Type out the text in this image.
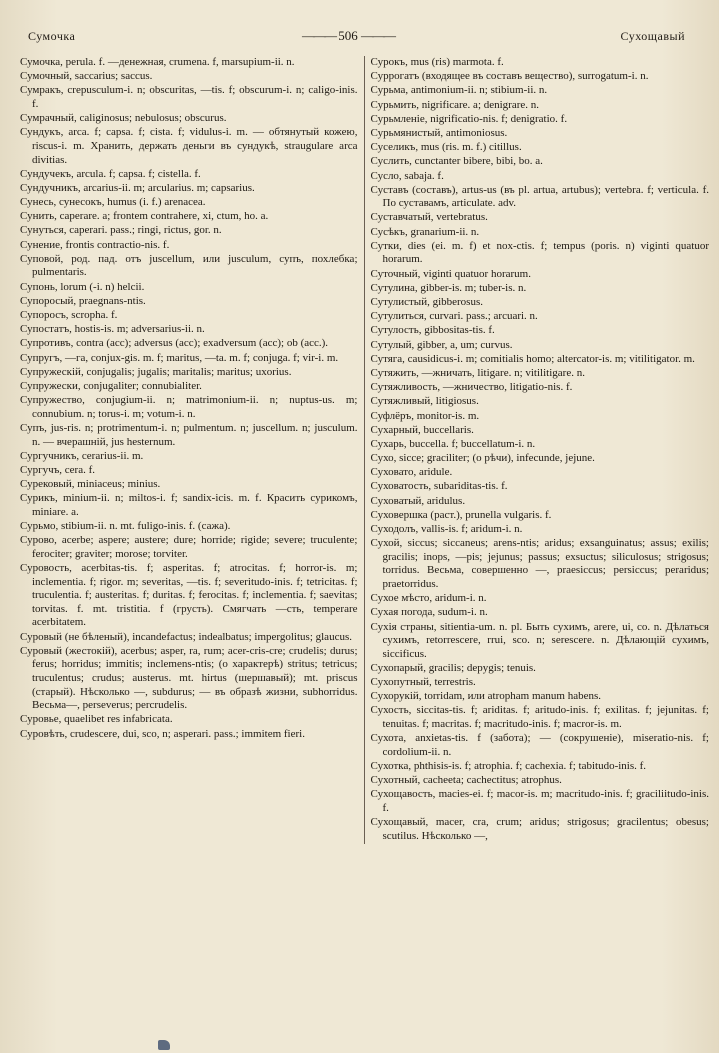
Сумочка	——— 506 ———	Сухощавый

Сумочка, perula. f. —денежная, crumena. f, marsupium-ii. n.

Сумочный, saccarius; saccus.

Сумракъ, crepusculum-i. n; obscuritas, —tis. f; obscurum-i. n; caligo-inis. f.

Сумрачный, caliginosus; nebulosus; obscurus.

Сундукъ, arca. f; capsa. f; cista. f; vidulus-i. m. — обтянутый кожею, riscus-i. m. Хранить, держать деньги въ сундукѣ, straugulare arca divitias.

Сундучекъ, arcula. f; capsa. f; cistella. f.

Сундучникъ, arcarius-ii. m; arcularius. m; capsarius.

Сунесь, сунесокъ, humus (i. f.) arenacea.

Сунить, caperare. a; frontem contrahere, xi, ctum, ho. a.

Сунуться, caperari. pass.; ringi, rictus, gor. n.

Сунение, frontis contractio-nis. f.

Суповой, род. пад. отъ juscellum, или jusculum, супъ, похлебка; pulmentaris.

Супонь, lorum (-i. n) helcii.

Супоросый, praegnans-ntis.

Супоросъ, scropha. f.

Супостатъ, hostis-is. m; adversarius-ii. n.

Супротивъ, contra (acc); adversus (acc); exadversum (acc); ob (acc.).

Супругъ, —га, conjux-gis. m. f; maritus, —ta. m. f; conjuga. f; vir-i. m.

Супружескій, conjugalis; jugalis; maritalis; maritus; uxorius.

Супружески, conjugaliter; connubialiter.

Супружество, conjugium-ii. n; matrimonium-ii. n; nuptus-us. m; connubium. n; torus-i. m; votum-i. n.

Супъ, jus-ris. n; protrimentum-i. n; pulmentum. n; juscellum. n; jusculum. n. — вчерашній, jus hesternum.

Сургучникъ, cerarius-ii. m.

Сургучъ, cera. f.

Сурековый, miniaceus; minius.

Сурикъ, minium-ii. n; miltos-i. f; sandix-icis. m. f. Красить сурикомъ, miniare. a.

Сурьмо, stibium-ii. n. mt. fuligo-inis. f. (сажа).

Сурово, acerbe; aspere; austere; dure; horride; rigide; severe; truculente; ferociter; graviter; morose; torviter.

Суровость, acerbitas-tis. f; asperitas. f; atrocitas. f; horror-is. m; inclementia. f; rigor. m; severitas, —tis. f; severitudo-inis. f; tetricitas. f; truculentia. f; austeritas. f; duritas. f; ferocitas. f; inclementia. f; saevitas; torvitas. f. mt. tristitia. f (грусть). Смягчать —сть, temperare acerbitatem.

Суровый (не бѣленый), incandefactus; indealbatus; impergolitus; glaucus.

Суровый (жестокій), acerbus; asper, ra, rum; acer-cris-cre; crudelis; durus; ferus; horridus; immitis; inclemens-ntis; (о характерѣ) stritus; tetricus; truculentus; crudus; austerus. mt. hirtus (шершавый); mt. priscus (старый). Нѣсколько —, subdurus; — въ образѣ жизни, subhorridus. Весьма—, perseverus; percrudelis.

Суровье, quaelibet res infabricata.

Суровѣть, crudescere, dui, sco, n; asperari. pass.; immitem fieri.

Сурокъ, mus (ris) marmota. f.

Суррогатъ (входящее въ составъ вещество), surrogatum-i. n.

Сурьма, antimonium-ii. n; stibium-ii. n.

Сурьмить, nigrificare. a; denigrare. n.

Сурьмленіе, nigrificatio-nis. f; denigratio. f.

Сурьмянистый, antimoniosus.

Суселикъ, mus (ris. m. f.) citillus.

Суслить, cunctanter bibere, bibi, bo. a.

Сусло, sabaja. f.

Суставъ (составъ), artus-us (въ pl. artua, artubus); vertebra. f; verticula. f. По суставамъ, articulate. adv.

Суставчатый, vertebratus.

Сусѣкъ, granarium-ii. n.

Сутки, dies (ei. m. f) et nox-ctis. f; tempus (poris. n) viginti quatuor horarum.

Суточный, viginti quatuor horarum.

Сутулина, gibber-is. m; tuber-is. n.

Сутулистый, gibberosus.

Сутулиться, curvari. pass.; arcuari. n.

Сутулость, gibbositas-tis. f.

Сутулый, gibber, a, um; curvus.

Сутяга, causidicus-i. m; comitialis homo; altercator-is. m; vitilitigator. m.

Сутяжить, —жничать, litigare. n; vitilitigare. n.

Сутяжливость, —жничество, litigatio-nis. f.

Сутяжливый, litigiosus.

Суфлёръ, monitor-is. m.

Сухарный, buccellaris.

Сухарь, buccella. f; buccellatum-i. n.

Сухо, sicce; graciliter; (о рѣчи), infecunde, jejune.

Суховато, aridule.

Суховатость, subariditas-tis. f.

Суховатый, aridulus.

Суховершка (раст.), prunella vulgaris. f.

Суходолъ, vallis-is. f; aridum-i. n.

Сухой, siccus; siccaneus; arens-ntis; aridus; exsanguinatus; assus; exilis; gracilis; inops, —pis; jejunus; passus; exsuctus; siliculosus; strigosus; torridus. Весьма, совершенно —, praesiccus; persiccus; peraridus; praetorridus.

Сухое мѣсто, aridum-i. n.

Сухая погода, sudum-i. n.

Сухія страны, sitientia-um. n. pl. Быть сухимъ, arere, ui, co. n. Дѣлаться сухимъ, retorrescere, rrui, sco. n; serescere. n. Дѣлающій сухимъ, siccificus.

Сухопарый, gracilis; depygis; tenuis.

Сухопутный, terrestris.

Сухорукій, torridam, или atropham manum habens.

Сухость, siccitas-tis. f; ariditas. f; aritudo-inis. f; exilitas. f; jejunitas. f; tenuitas. f; macritas. f; macritudo-inis. f; macror-is. m.

Сухота, anxietas-tis. f (забота); — (сокрушеніе), miseratio-nis. f; cordolium-ii. n.

Сухотка, phthisis-is. f; atrophia. f; cachexia. f; tabitudo-inis. f.

Сухотный, cacheeta; cachectitus; atrophus.

Сухощавость, macies-ei. f; macor-is. m; macritudo-inis. f; graciliitudo-inis. f.

Сухощавый, macer, cra, crum; aridus; strigosus; gracilentus; obesus; scutilus. Нѣсколько —,
